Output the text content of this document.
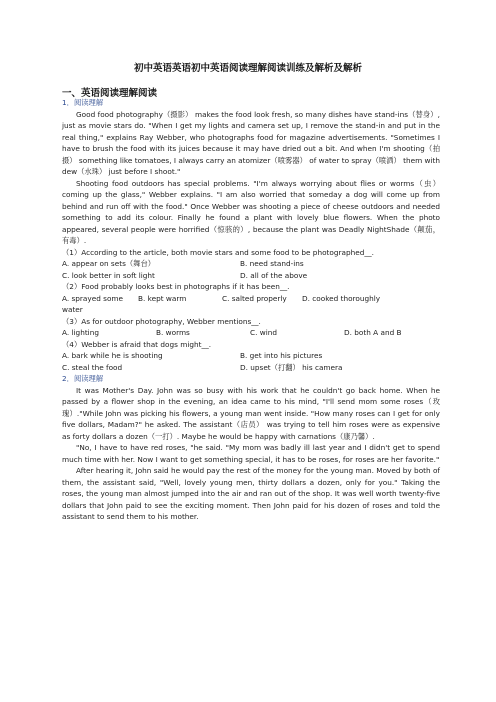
初中英语英语初中英语阅读理解阅读训练及解析及解析
一、英语阅读理解阅读

1．阅读理解

Good food photography（摄影） makes the food look fresh, so many dishes have stand-ins（替身）, just as movie stars do. "When I get my lights and camera set up, I remove the stand-in and put in the real thing," explains Ray Webber, who photographs food for magazine advertisements. "Sometimes I have to brush the food with its juices because it may have dried out a bit. And when I'm shooting（拍摄） something like tomatoes, I always carry an atomizer（喷雾器） of water to spray（喷洒） them with dew（水珠） just before I shoot."

Shooting food outdoors has special problems. "I'm always worrying about flies or worms（虫） coming up the glass," Webber explains. "I am also worried that someday a dog will come up from behind and run off with the food." Once Webber was shooting a piece of cheese outdoors and needed something to add its colour. Finally he found a plant with lovely blue flowers. When the photo appeared, several people were horrified（惊骇的）, because the plant was Deadly NightShade（颠茄，有毒）.

（1）According to the article, both movie stars and some food to be photographed__.

A. appear on sets（舞台）	B. need stand-ins
C. look better in soft light	D. all of the above

（2）Food probably looks best in photographs if it has been__.

A. sprayed some water
B. kept warm	C. salted properly	D. cooked thoroughly

（3）As for outdoor photography, Webber mentions__.

A. lighting	B. worms	C. wind	D. both A and B

（4）Webber is afraid that dogs might__.

A. bark while he is shooting	B. get into his pictures
C. steal the food	D. upset（打翻） his camera

2．阅读理解

It was Mother's Day. John was so busy with his work that he couldn't go back home. When he passed by a flower shop in the evening, an idea came to his mind, "I'll send mom some roses（玫瑰）."While John was picking his flowers, a young man went inside. "How many roses can I get for only five dollars, Madam?" he asked. The assistant（店员） was trying to tell him roses were as expensive as forty dollars a dozen（一打）. Maybe he would be happy with carnations（康乃馨）.

"No, I have to have red roses, "he said. "My mom was badly ill last year and I didn't get to spend much time with her. Now I want to get something special, it has to be roses, for roses are her favorite."

After hearing it, John said he would pay the rest of the money for the young man. Moved by both of them, the assistant said, "Well, lovely young men, thirty dollars a dozen, only for you." Taking the roses, the young man almost jumped into the air and ran out of the shop. It was well worth twenty-five dollars that John paid to see the exciting moment. Then John paid for his dozen of roses and told the assistant to send them to his mother.
